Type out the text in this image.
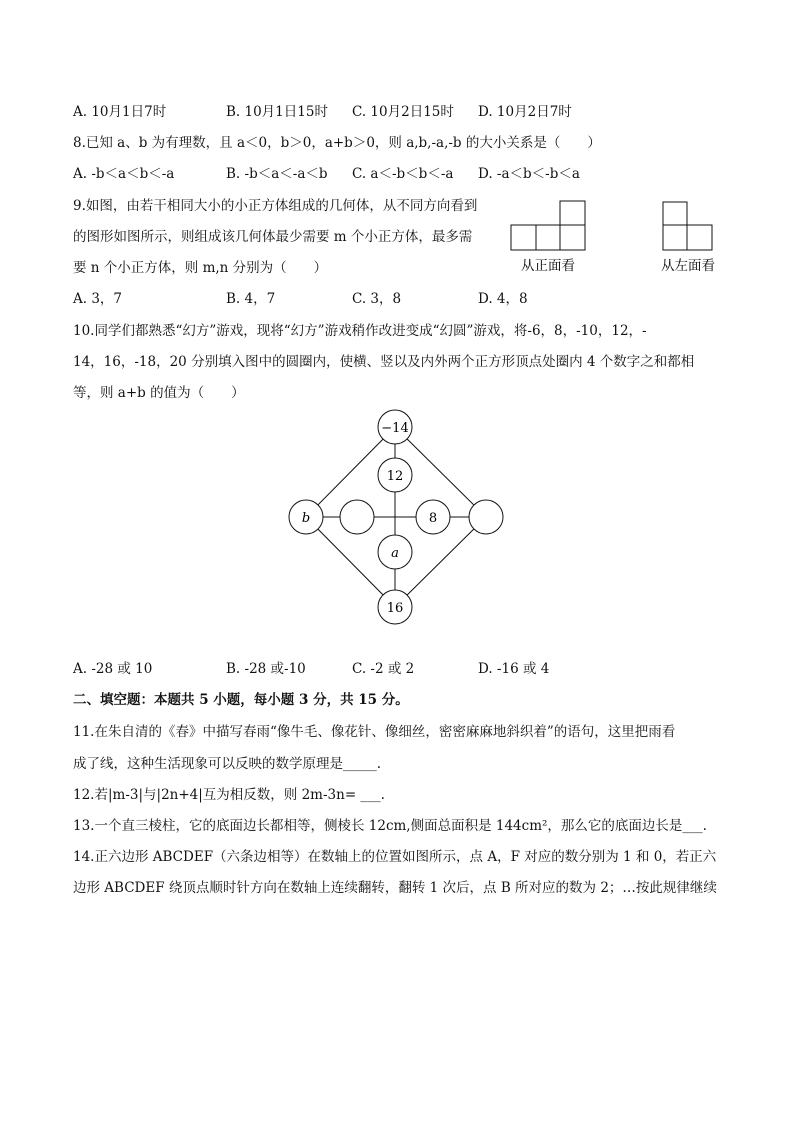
A. 10月1日7时	B. 10月1日15时 C. 10月2日15时 D. 10月2日7时
8.已知 a、b 为有理数，且 a＜0，b＞0，a+b＞0，则 a,b,-a,-b 的大小关系是（　　）
A. -b＜a＜b＜-a	B. -b＜a＜-a＜b C. a＜-b＜b＜-a D. -a＜b＜-b＜a
9.如图，由若干相同大小的小正方体组成的几何体，从不同方向看到
的图形如图所示，则组成该几何体最少需要 m 个小正方体，最多需
要 n 个小正方体，则 m,n 分别为（　　）	从正面看	从左面看
A. 3，7	B. 4，7	C. 3，8	D. 4，8
10.同学们都熟悉“幻方”游戏，现将“幻方”游戏稍作改进变成“幻圆”游戏，将-6，8，-10，12，-
14，16，-18，20 分别填入图中的圆圈内，使横、竖以及内外两个正方形顶点处圈内 4 个数字之和都相
等，则 a+b 的值为（　　）
−14
12
b	8
a
16
A. -28 或 10	B. -28 或-10	C. -2 或 2	D. -16 或 4
二、填空题：本题共 5 小题，每小题 3 分，共 15 分。
11.在朱自清的《春》中描写春雨“像牛毛、像花针、像细丝，密密麻麻地斜织着”的语句，这里把雨看
成了线，这种生活现象可以反映的数学原理是_____.
12.若|m-3|与|2n+4|互为相反数，则 2m-3n= ___.
13.一个直三棱柱，它的底面边长都相等，侧棱长 12cm,侧面总面积是 144cm²，那么它的底面边长是___.
14.正六边形 ABCDEF（六条边相等）在数轴上的位置如图所示，点 A，F 对应的数分别为 1 和 0，若正六
边形 ABCDEF 绕顶点顺时针方向在数轴上连续翻转，翻转 1 次后，点 B 所对应的数为 2；…按此规律继续
